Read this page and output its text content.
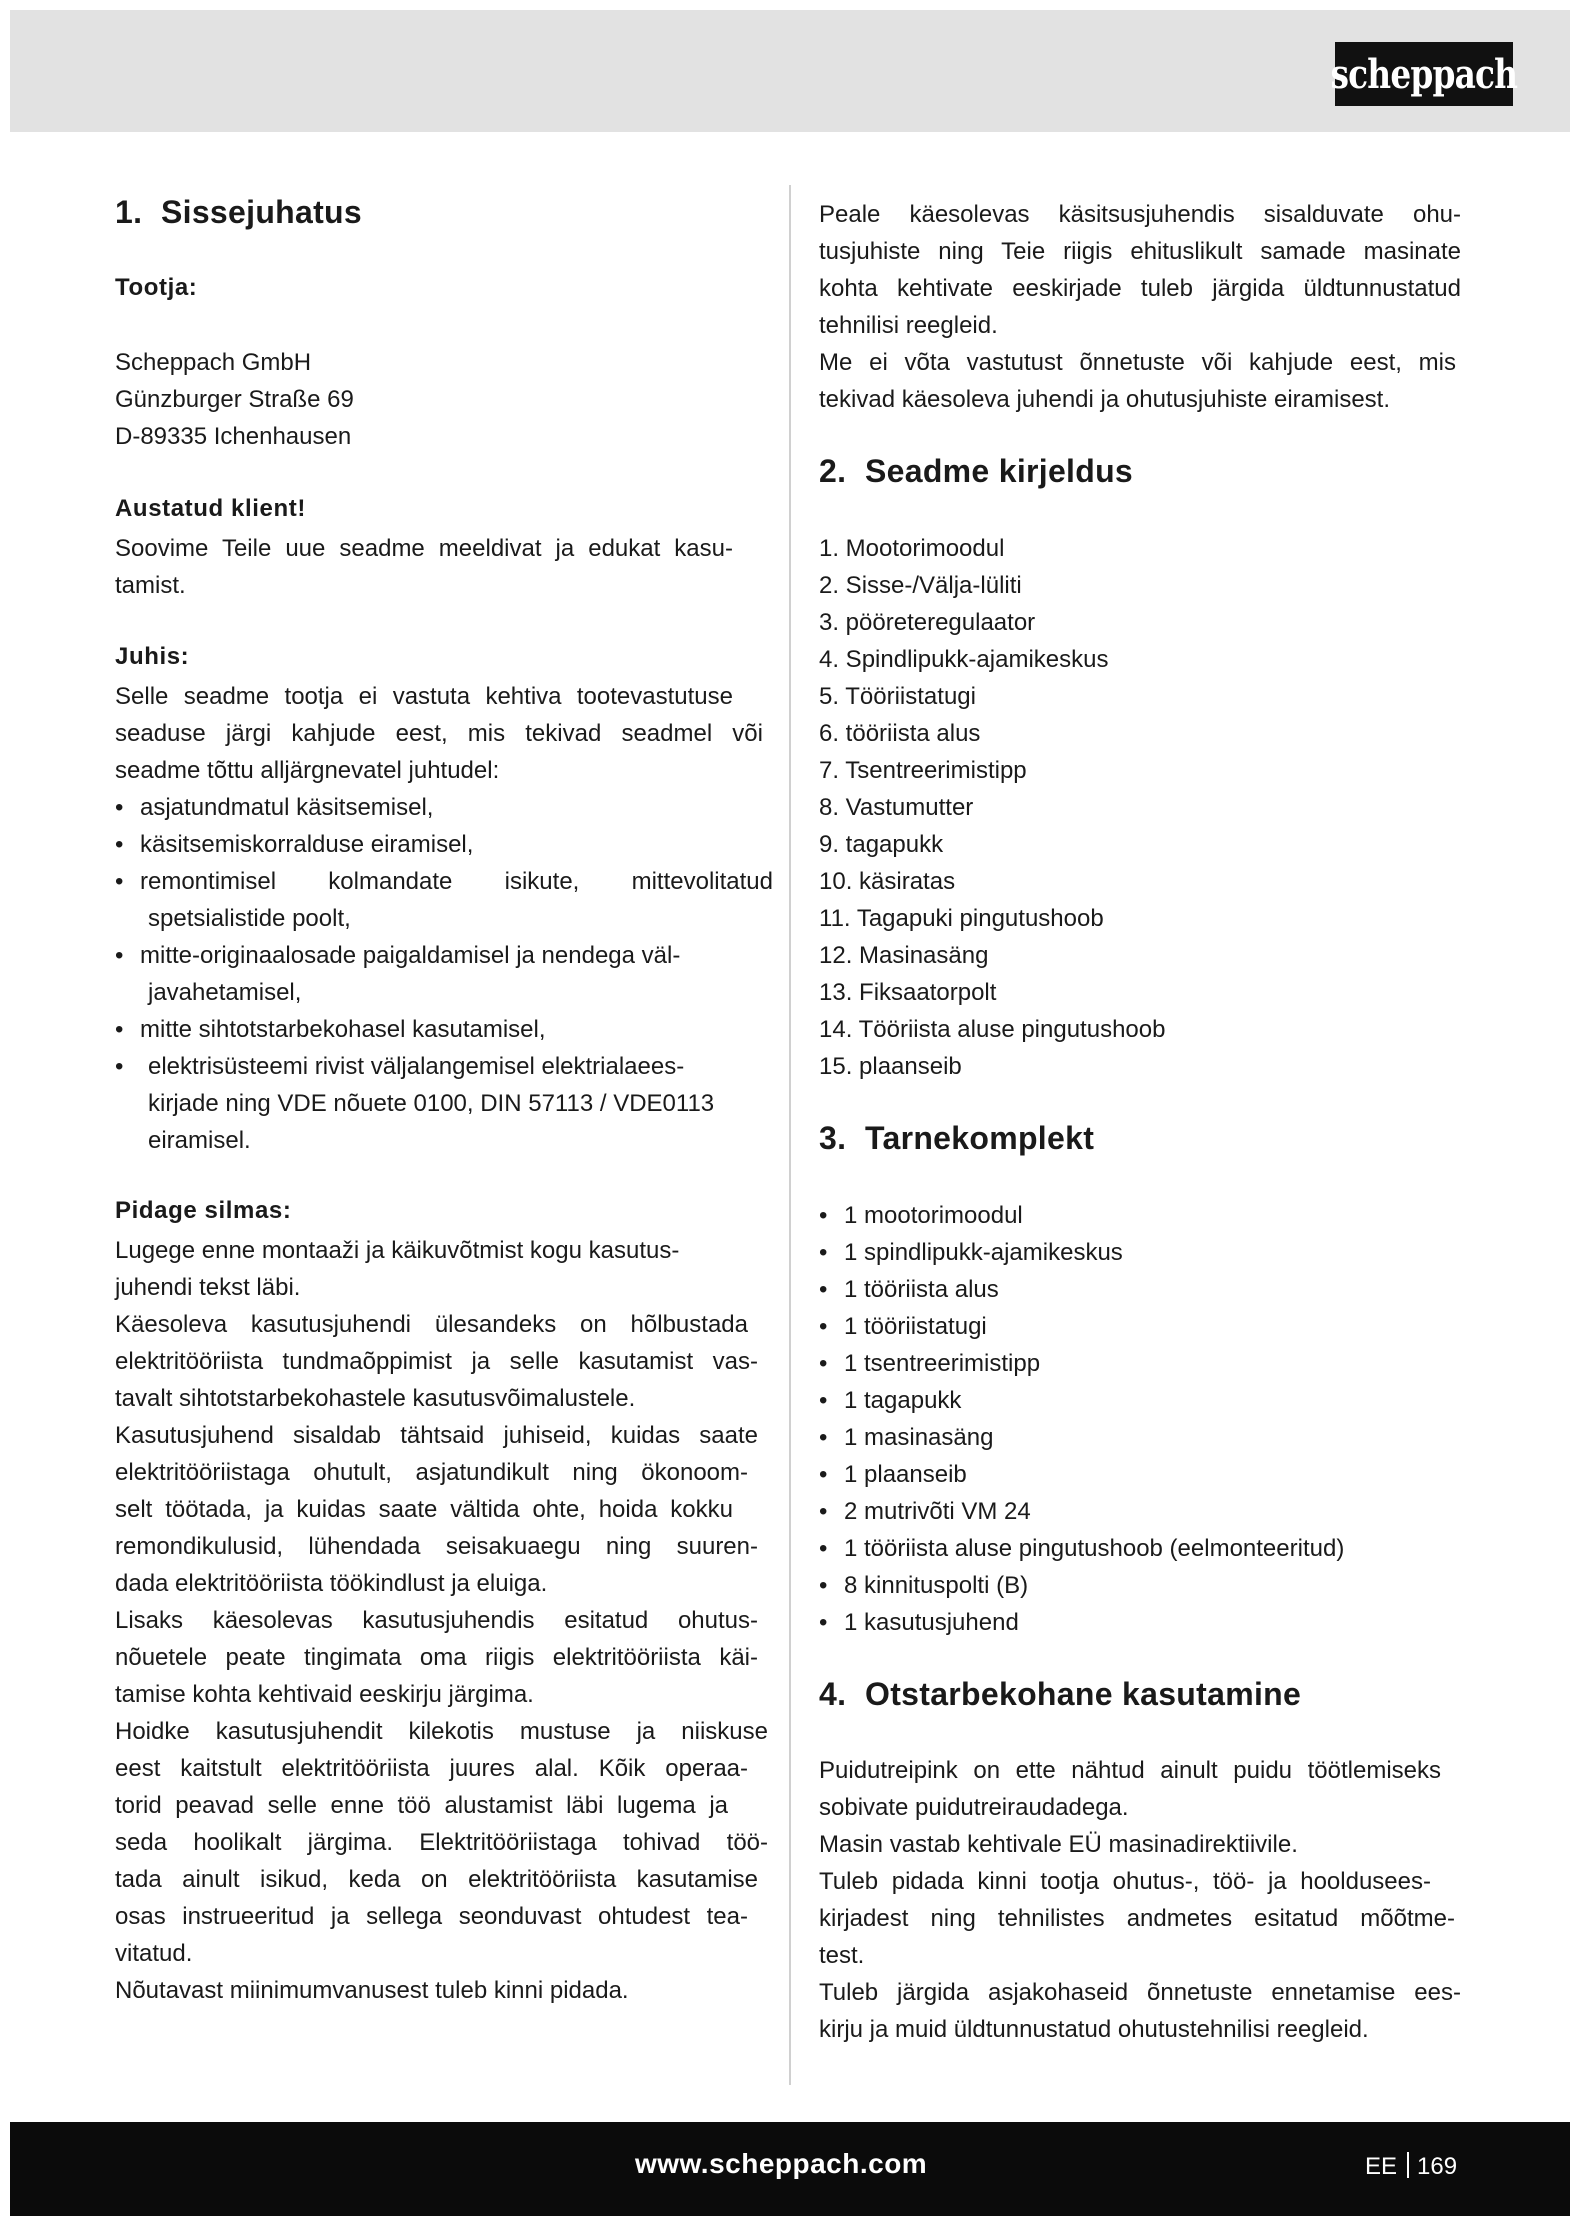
scheppach
1. Sissejuhatus
Tootja:
Scheppach GmbH
Günzburger Straße 69
D-89335 Ichenhausen
Austatud klient!
Soovime Teile uue seadme meeldivat ja edukat kasu-
tamist.
Juhis:
Selle seadme tootja ei vastuta kehtiva tootevastutuse
seaduse järgi kahjude eest, mis tekivad seadmel või
seadme tõttu alljärgnevatel juhtudel:
• asjatundmatul käsitsemisel,
• käsitsemiskorralduse eiramisel,
• remontimisel kolmandate isikute, mittevolitatud
spetsialistide poolt,
• mitte-originaalosade paigaldamisel ja nendega väl-
javahetamisel,
• mitte sihtotstarbekohasel kasutamisel,
• elektrisüsteemi rivist väljalangemisel elektrialaees-
kirjade ning VDE nõuete 0100, DIN 57113 / VDE0113
eiramisel.
Pidage silmas:
Lugege enne montaaži ja käikuvõtmist kogu kasutus-
juhendi tekst läbi.
Käesoleva kasutusjuhendi ülesandeks on hõlbustada
elektritööriista tundmaõppimist ja selle kasutamist vas-
tavalt sihtotstarbekohastele kasutusvõimalustele.
Kasutusjuhend sisaldab tähtsaid juhiseid, kuidas saate
elektritööriistaga ohutult, asjatundikult ning ökonoom-
selt töötada, ja kuidas saate vältida ohte, hoida kokku
remondikulusid, lühendada seisakuaegu ning suuren-
dada elektritööriista töökindlust ja eluiga.
Lisaks käesolevas kasutusjuhendis esitatud ohutus-
nõuetele peate tingimata oma riigis elektritööriista käi-
tamise kohta kehtivaid eeskirju järgima.
Hoidke kasutusjuhendit kilekotis mustuse ja niiskuse
eest kaitstult elektritööriista juures alal. Kõik operaa-
torid peavad selle enne töö alustamist läbi lugema ja
seda hoolikalt järgima. Elektritööriistaga tohivad töö-
tada ainult isikud, keda on elektritööriista kasutamise
osas instrueeritud ja sellega seonduvast ohtudest tea-
vitatud.
Nõutavast miinimumvanusest tuleb kinni pidada.
Peale käesolevas käsitsusjuhendis sisalduvate ohu-
tusjuhiste ning Teie riigis ehituslikult samade masinate
kohta kehtivate eeskirjade tuleb järgida üldtunnustatud
tehnilisi reegleid.
Me ei võta vastutust õnnetuste või kahjude eest, mis
tekivad käesoleva juhendi ja ohutusjuhiste eiramisest.
2. Seadme kirjeldus
1. Mootorimoodul
2. Sisse-/Välja-lüliti
3. pööreteregulaator
4. Spindlipukk-ajamikeskus
5. Tööriistatugi
6. tööriista alus
7. Tsentreerimistipp
8. Vastumutter
9. tagapukk
10. käsiratas
11. Tagapuki pingutushoob
12. Masinasäng
13. Fiksaatorpolt
14. Tööriista aluse pingutushoob
15. plaanseib
3. Tarnekomplekt
• 1 mootorimoodul
• 1 spindlipukk-ajamikeskus
• 1 tööriista alus
• 1 tööriistatugi
• 1 tsentreerimistipp
• 1 tagapukk
• 1 masinasäng
• 1 plaanseib
• 2 mutrivõti VM 24
• 1 tööriista aluse pingutushoob (eelmonteeritud)
• 8 kinnituspolti (B)
• 1 kasutusjuhend
4. Otstarbekohane kasutamine
Puidutreipink on ette nähtud ainult puidu töötlemiseks
sobivate puidutreiraudadega.
Masin vastab kehtivale EÜ masinadirektiivile.
Tuleb pidada kinni tootja ohutus-, töö- ja hooldusees-
kirjadest ning tehnilistes andmetes esitatud mõõtme-
test.
Tuleb järgida asjakohaseid õnnetuste ennetamise ees-
kirju ja muid üldtunnustatud ohutustehnilisi reegleid.
www.scheppach.com	EE 169
